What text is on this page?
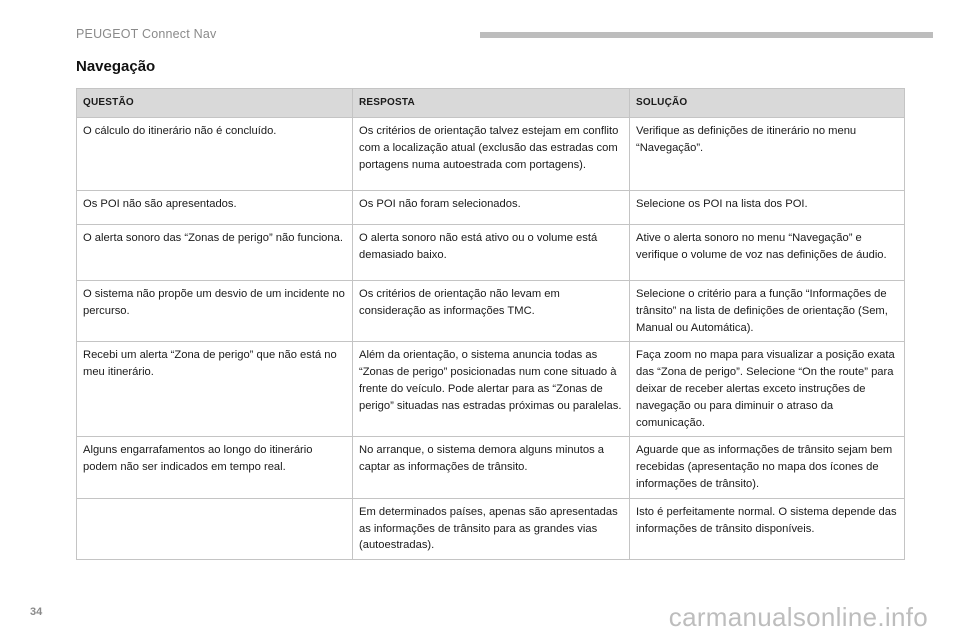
PEUGEOT Connect Nav
Navegação
QUESTÃO	RESPOSTA	SOLUÇÃO
O cálculo do itinerário não é concluído.	Os critérios de orientação talvez estejam em conflito com a localização atual (exclusão das estradas com portagens numa autoestrada com portagens).	Verifique as definições de itinerário no menu “Navegação”.
Os POI não são apresentados.	Os POI não foram selecionados.	Selecione os POI na lista dos POI.
O alerta sonoro das “Zonas de perigo” não funciona.	O alerta sonoro não está ativo ou o volume está demasiado baixo.	Ative o alerta sonoro no menu “Navegação” e verifique o volume de voz nas definições de áudio.
O sistema não propõe um desvio de um incidente no percurso.	Os critérios de orientação não levam em consideração as informações TMC.	Selecione o critério para a função “Informações de trânsito” na lista de definições de orientação (Sem, Manual ou Automática).
Recebi um alerta “Zona de perigo” que não está no meu itinerário.	Além da orientação, o sistema anuncia todas as “Zonas de perigo” posicionadas num cone situado à frente do veículo. Pode alertar para as “Zonas de perigo” situadas nas estradas próximas ou paralelas.	Faça zoom no mapa para visualizar a posição exata das “Zona de perigo”. Selecione “On the route” para deixar de receber alertas exceto instruções de navegação ou para diminuir o atraso da comunicação.
Alguns engarrafamentos ao longo do itinerário podem não ser indicados em tempo real.	No arranque, o sistema demora alguns minutos a captar as informações de trânsito.	Aguarde que as informações de trânsito sejam bem recebidas (apresentação no mapa dos ícones de informações de trânsito).
	Em determinados países, apenas são apresentadas as informações de trânsito para as grandes vias (autoestradas).	Isto é perfeitamente normal. O sistema depende das informações de trânsito disponíveis.
34	carmanualsonline.info
